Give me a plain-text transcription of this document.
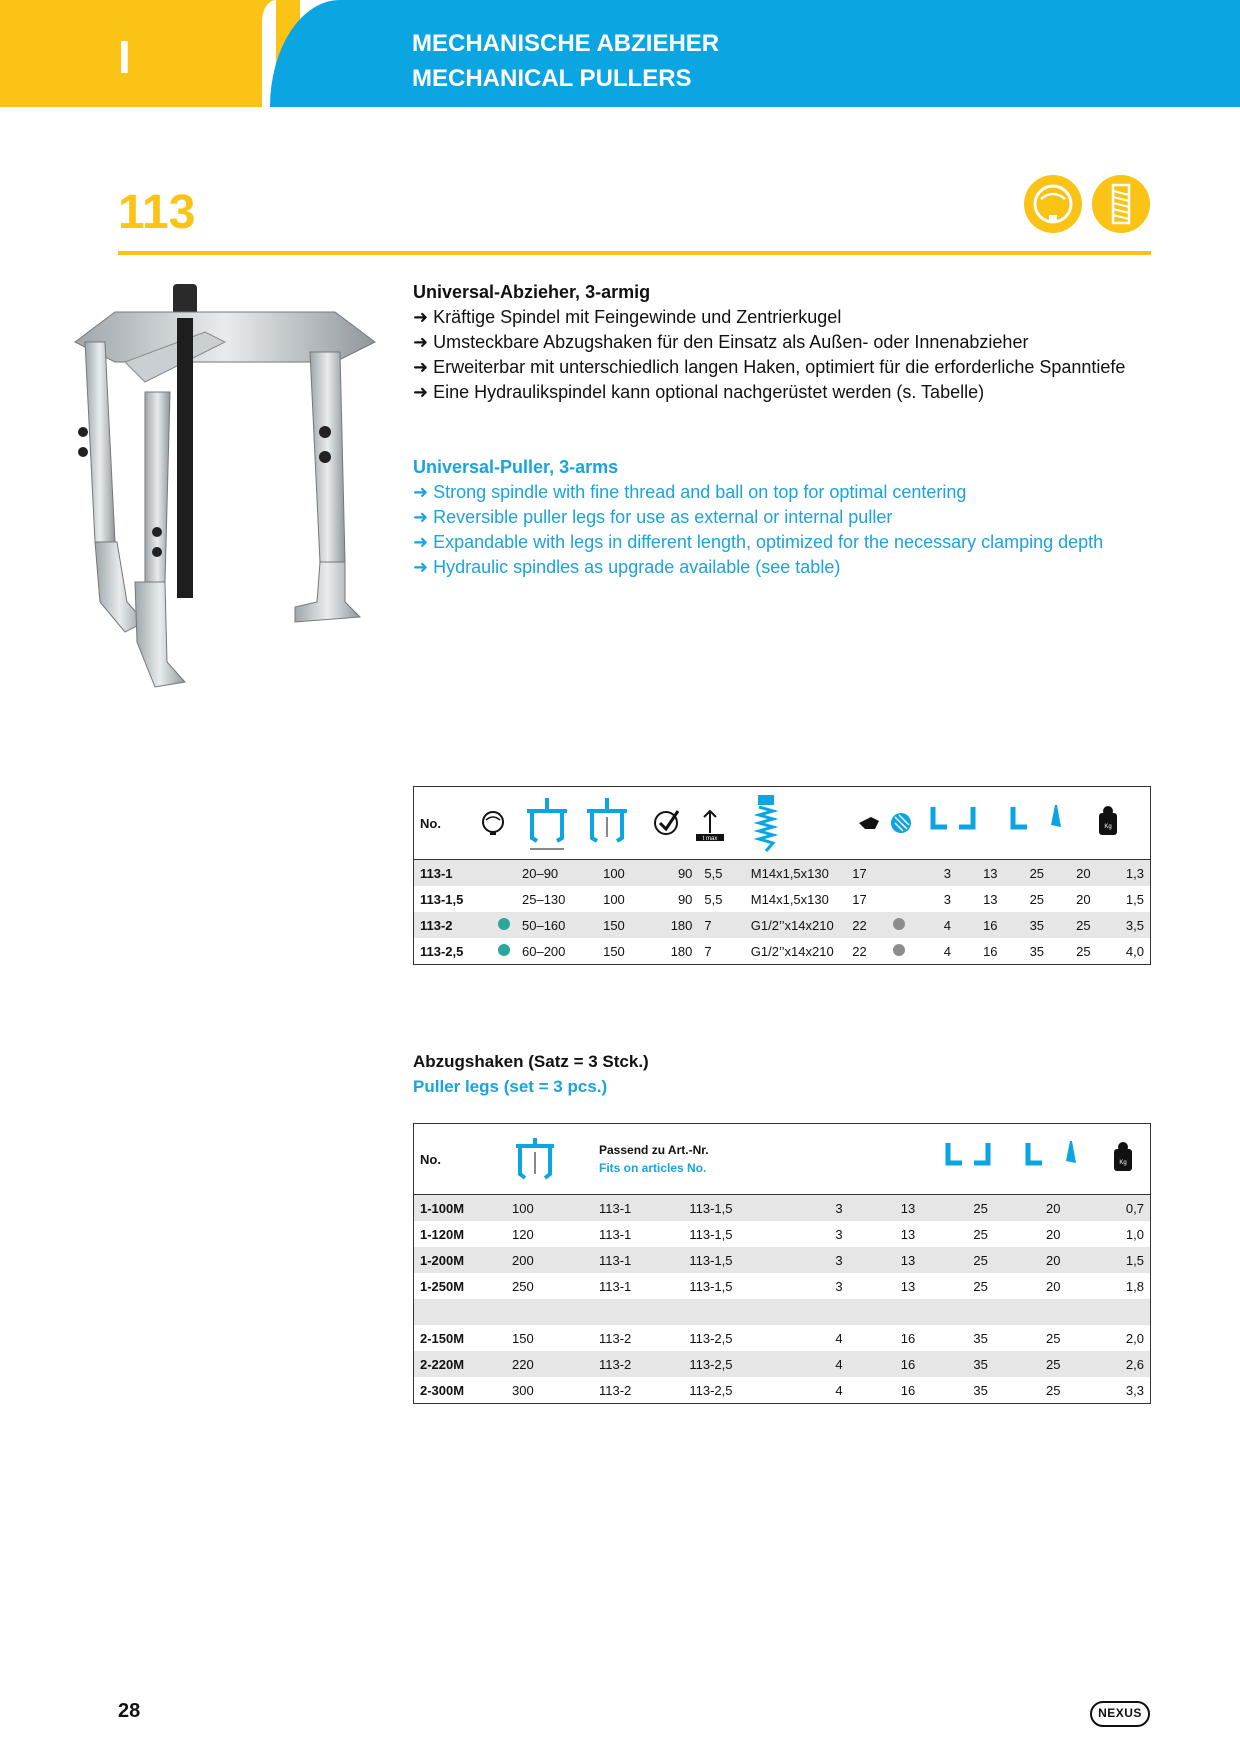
I	MECHANISCHE ABZIEHER
MECHANICAL PULLERS
113
Universal-Abzieher, 3-armig
➜ Kräftige Spindel mit Feingewinde und Zentrierkugel
➜ Umsteckbare Abzugshaken für den Einsatz als Außen- oder Innenabzieher
➜ Erweiterbar mit unterschiedlich langen Haken, optimiert für die erforderliche Spanntiefe
➜ Eine Hydraulikspindel kann optional nachgerüstet werden (s. Tabelle)
Universal-Puller, 3-arms
➜ Strong spindle with fine thread and ball on top for optimal centering
➜ Reversible puller legs for use as external or internal puller
➜ Expandable with legs in different length, optimized for the necessary clamping depth
➜ Hydraulic spindles as upgrade available (see table)
No.				t max					Kg				

113-1		20–90	100	90	5,5	M14x1,5x130	17		3	13	25	20	1,3
113-1,5		25–130	100	90	5,5	M14x1,5x130	17		3	13	25	20	1,5
113-2		50–160	150	180	7	G1/2’’x14x210	22		4	16	35	25	3,5
113-2,5		60–200	150	180	7	G1/2’’x14x210	22		4	16	35	25	4,0
Abzugshaken (Satz = 3 Stck.)
Puller legs (set = 3 pcs.)
No.		Passend zu Art.-Nr.
Fits on articles No.		Kg				

1-100M	100	113-1	113-1,5	3	13	25	20	0,7
1-120M	120	113-1	113-1,5	3	13	25	20	1,0
1-200M	200	113-1	113-1,5	3	13	25	20	1,5
1-250M	250	113-1	113-1,5	3	13	25	20	1,8

2-150M	150	113-2	113-2,5	4	16	35	25	2,0
2-220M	220	113-2	113-2,5	4	16	35	25	2,6
2-300M	300	113-2	113-2,5	4	16	35	25	3,3
28	NEXUS
